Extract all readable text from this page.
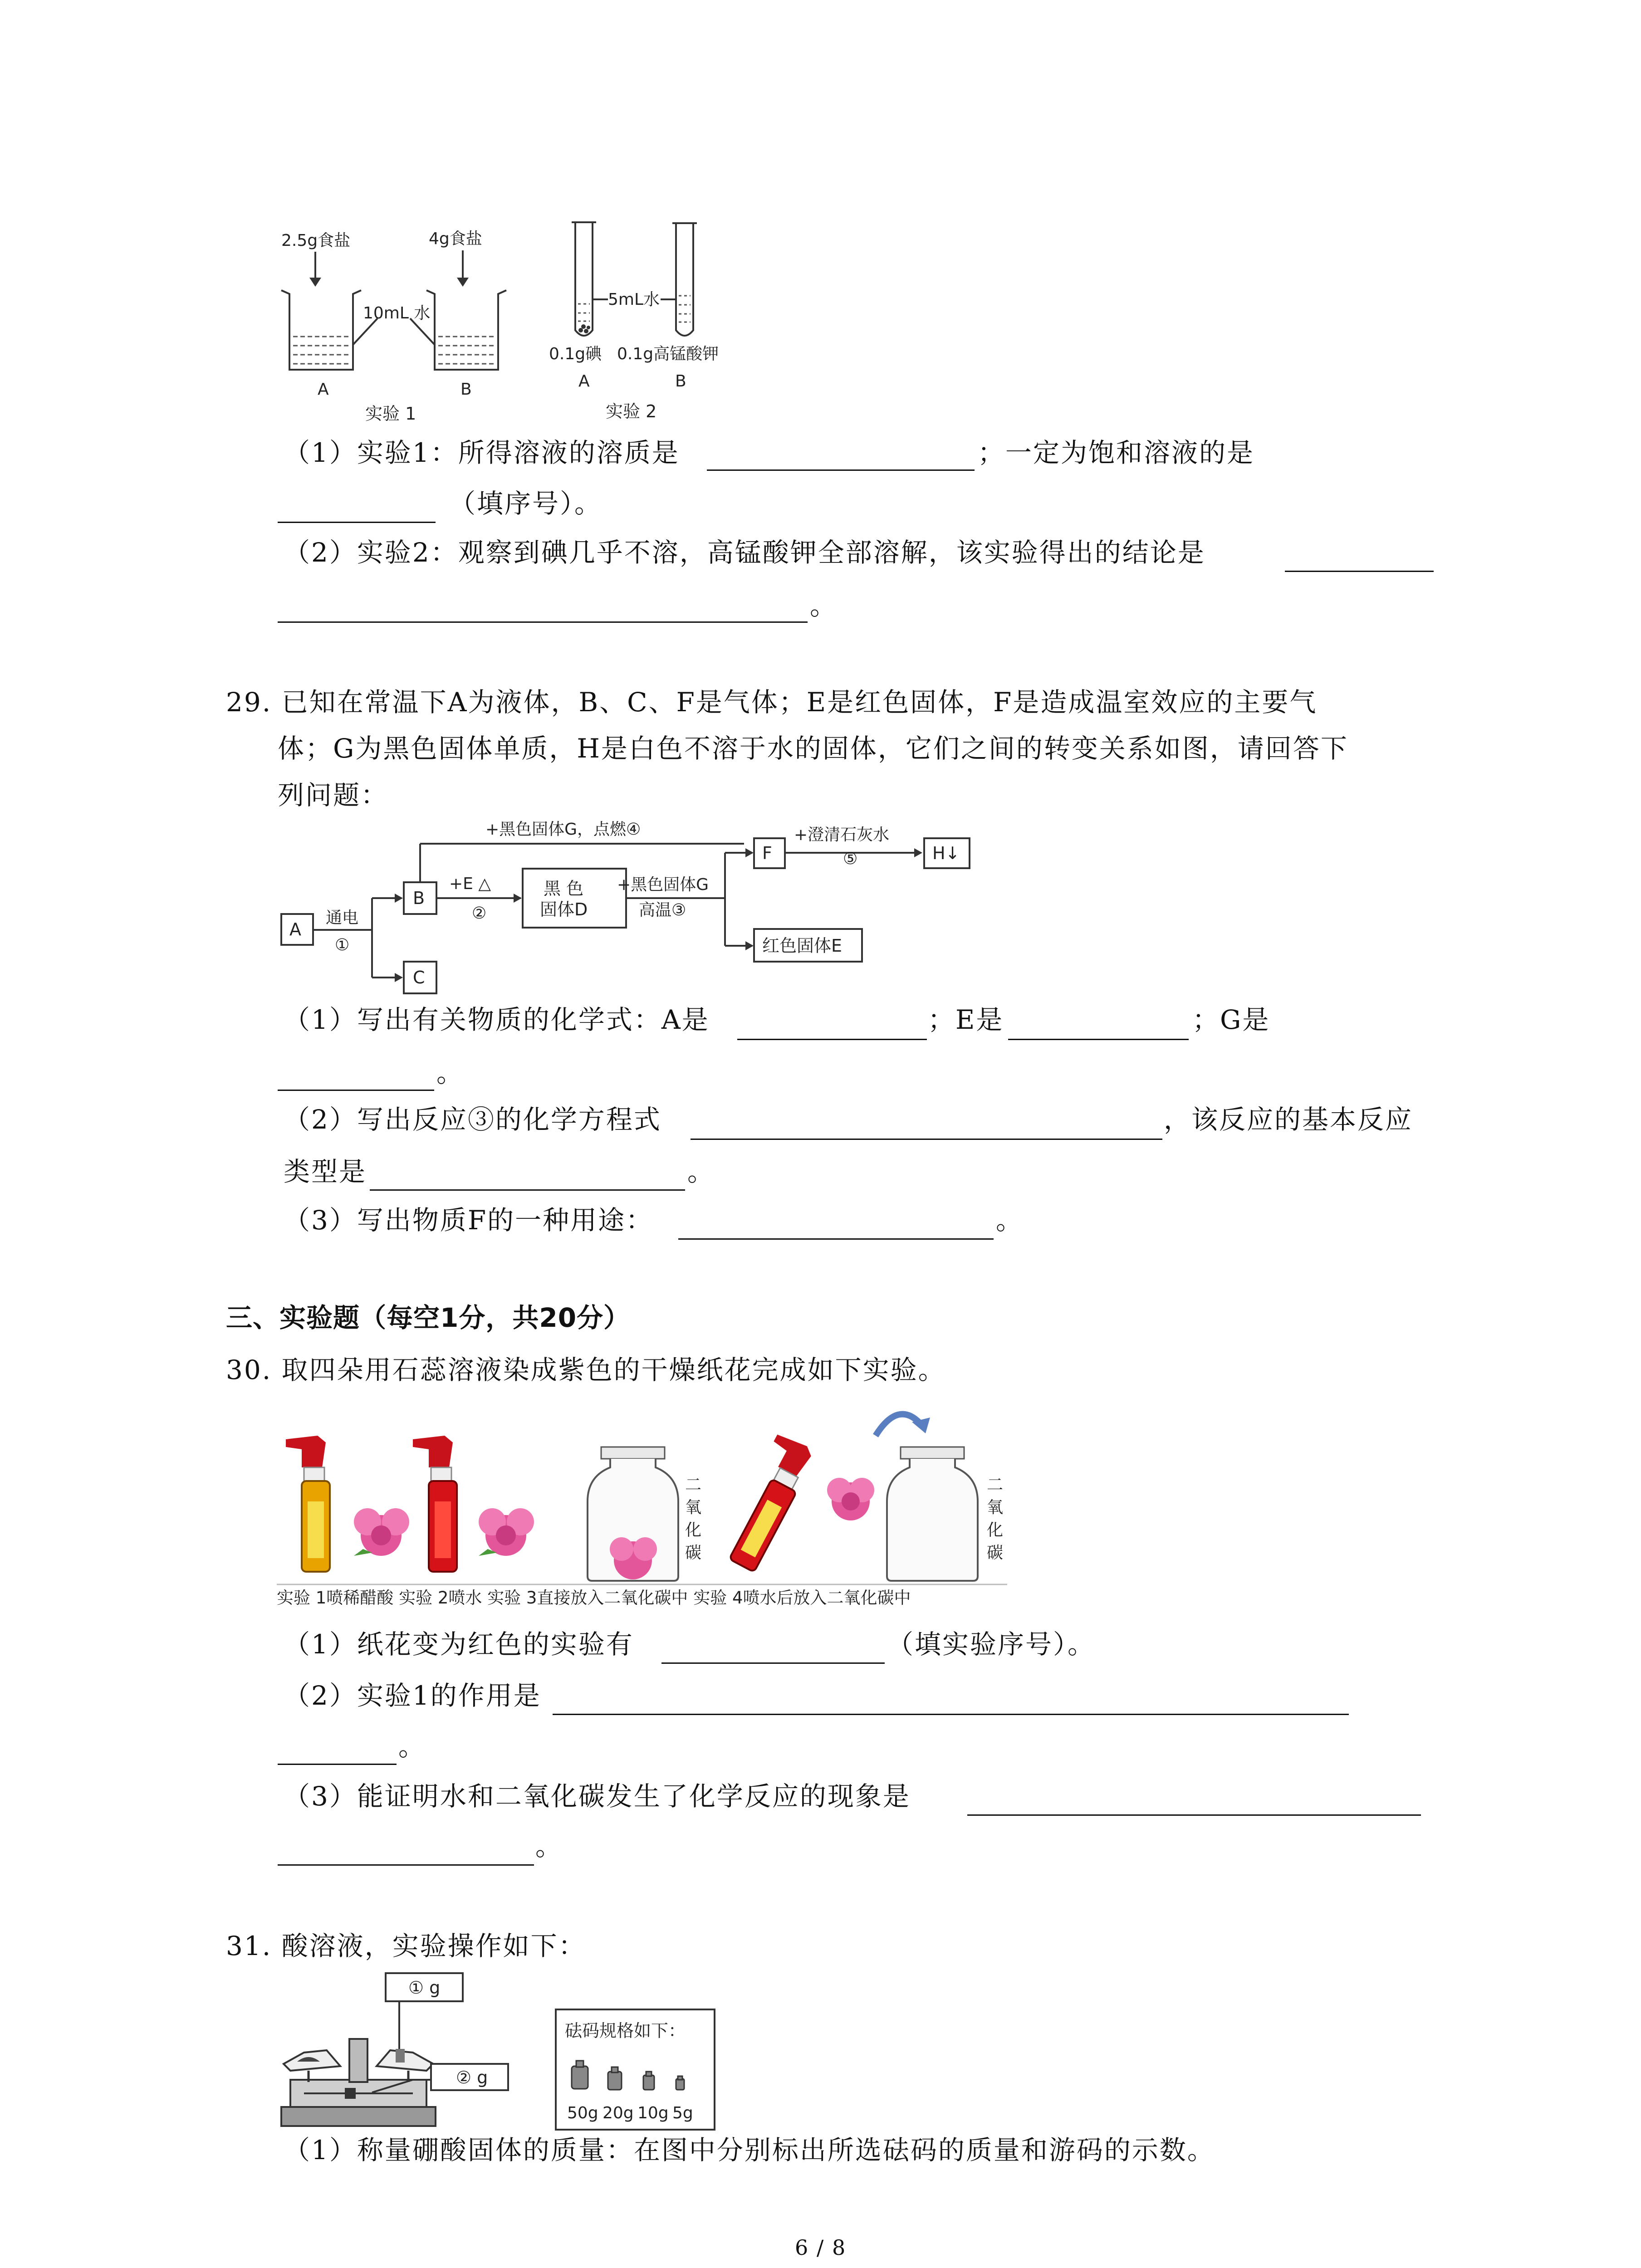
2.5g食盐	4g食盐
10mL 水
A	B
实验 1
5mL水
0.1g碘 0.1g高锰酸钾
A	B
实验 2
（1）实验1：所得溶液的溶质是	；一定为饱和溶液的是
（填序号）。
（2）实验2：观察到碘几乎不溶，高锰酸钾全部溶解，该实验得出的结论是
。
29. 已知在常温下A为液体，B、C、F是气体；E是红色固体，F是造成温室效应的主要气
体；G为黑色固体单质，H是白色不溶于水的固体，它们之间的转变关系如图，请回答下
列问题：
A
通电
①
B
C
+E △
②
+黑色固体G，点燃④
黑 色
固体D
+黑色固体G
高温③
F
+澄清石灰水
⑤	H↓
红色固体E
（1）写出有关物质的化学式：A是	；E是	；G是
。
（2）写出反应③的化学方程式	，该反应的基本反应
类型是	。
（3）写出物质F的一种用途：	。
三、实验题（每空1分，共20分）
30. 取四朵用石蕊溶液染成紫色的干燥纸花完成如下实验。
二
氧
化
碳
二
氧
化
碳
实验 1喷稀醋酸 实验 2喷水 实验 3直接放入二氧化碳中 实验 4喷水后放入二氧化碳中
（1）纸花变为红色的实验有	（填实验序号）。
（2）实验1的作用是
。
（3）能证明水和二氧化碳发生了化学反应的现象是
。
31. 酸溶液，实验操作如下：
① g
② g
砝码规格如下：
50g 20g 10g 5g
（1）称量硼酸固体的质量：在图中分别标出所选砝码的质量和游码的示数。
6 / 8
